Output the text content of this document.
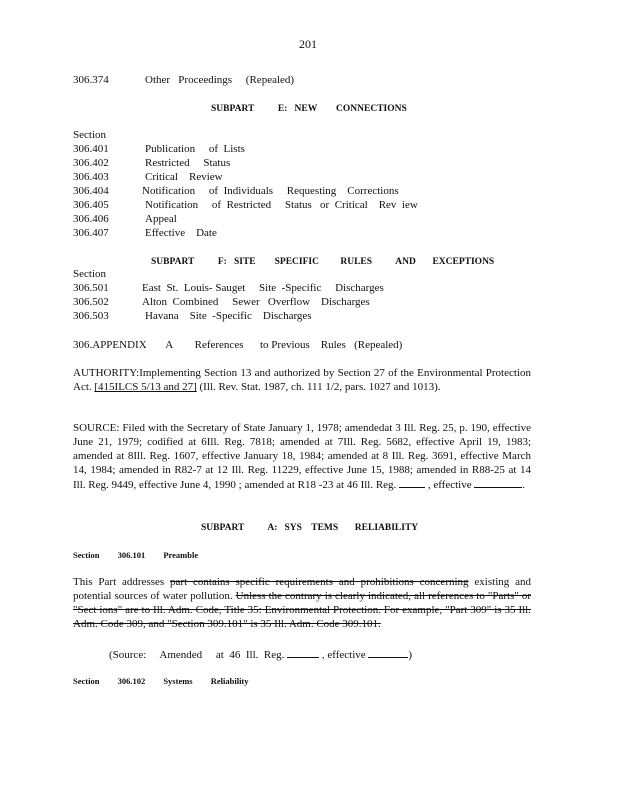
201
306.374	Other   Proceedings     (Repealed)
SUBPART          E:   NEW        CONNECTIONS
Section
306.401	Publication     of  Lists
306.402	Restricted     Status
306.403	Critical    Review
306.404	Notification     of  Individuals     Requesting    Corrections
306.405	Notification     of  Restricted     Status   or  Critical    Rev  iew
306.406	Appeal
306.407	Effective    Date
SUBPART          F:   SITE        SPECIFIC         RULES          AND       EXCEPTIONS
Section
306.501	East  St.  Louis- Sauget     Site  -Specific     Discharges
306.502	Alton  Combined     Sewer   Overflow    Discharges
306.503	Havana    Site  -Specific    Discharges
306.APPENDIX       A        References      to Previous    Rules   (Repealed)
AUTHORITY:Implementing Section 13 and authorized by Section 27 of the Environmental Protection Act. [415ILCS 5/13 and 27] (Ill. Rev. Stat. 1987, ch. 111 1/2, pars. 1027 and 1013).
SOURCE: Filed with the Secretary of State January 1, 1978; amendedat 3 Ill. Reg. 25, p. 190, effective June 21, 1979; codified at 6Ill. Reg. 7818; amended at 7Ill. Reg. 5682, effective April 19, 1983; amended at 8Ill. Reg. 1607, effective January 18, 1984; amended at 8 Ill. Reg. 3691, effective March 14, 1984; amended in R82-7 at 12 Ill. Reg. 11229, effective June 15, 1988; amended in R88-25 at 14 Ill. Reg. 9449, effective June 4, 1990 ; amended at R18 -23 at 46 Ill. Reg.  , effective	.
SUBPART          A:   SYS    TEMS       RELIABILITY
Section 306.101 Preamble
This Part addresses part contains specific requirements and prohibitions concerning existing and potential sources of water pollution. Unless the contrary is clearly indicated, all references to "Parts" or "Sect ions" are to Ill. Adm. Code, Title 35: Environmental Protection. For example, "Part 309" is 35 Ill. Adm. Code 309, and "Section 309.101" is 35 Ill. Adm. Code 309.101.
(Source:     Amended     at  46  Ill.  Reg.	, effective	)
Section 306.102 Systems Reliability
